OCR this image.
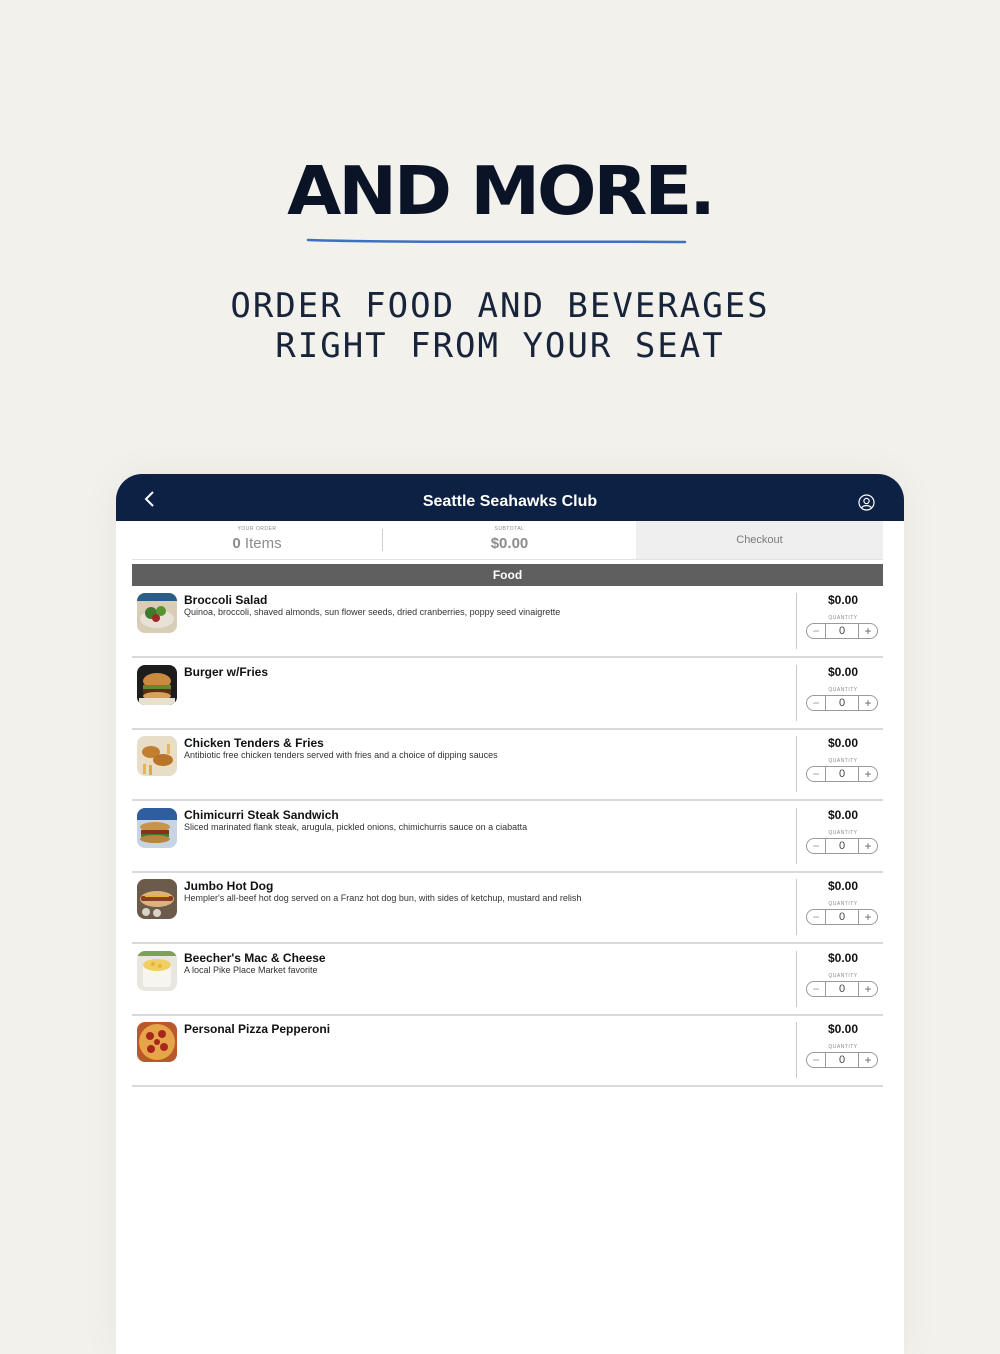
AND MORE.
ORDER FOOD AND BEVERAGES
RIGHT FROM YOUR SEAT
Seattle Seahawks Club
YOUR ORDER
0 Items
SUBTOTAL
$0.00	Checkout
Food
Broccoli Salad
Quinoa, broccoli, shaved almonds, sun flower seeds, dried cranberries, poppy seed vinaigrette
$0.00
QUANTITY
−	0	+
Burger w/Fries	$0.00
QUANTITY
−	0	+
Chicken Tenders & Fries
Antibiotic free chicken tenders served with fries and a choice of dipping sauces
$0.00
QUANTITY
−	0	+
Chimicurri Steak Sandwich
Sliced marinated flank steak, arugula, pickled onions, chimichurris sauce on a ciabatta
$0.00
QUANTITY
−	0	+
Jumbo Hot Dog
Hempler's all-beef hot dog served on a Franz hot dog bun, with sides of ketchup, mustard and relish
$0.00
QUANTITY
−	0	+
Beecher's Mac & Cheese
A local Pike Place Market favorite
$0.00
QUANTITY
−	0	+
Personal Pizza Pepperoni	$0.00
QUANTITY
−	0	+
